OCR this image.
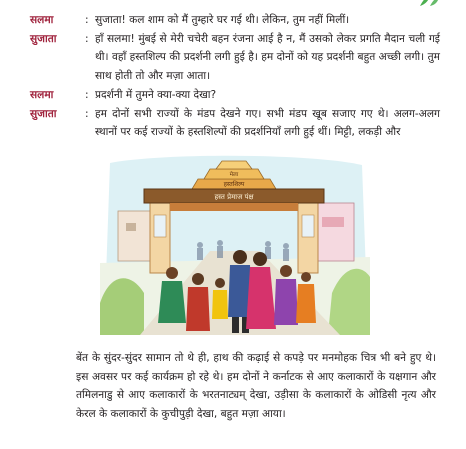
सलमा	: सुजाता! कल शाम को मैं तुम्हारे घर गई थी। लेकिन, तुम नहीं मिलीं।
सुजाता	: हाँ सलमा! मुंबई से मेरी चचेरी बहन रंजना आई है न, मैं उसको लेकर प्रगति मैदान चली गई थी। वहाँ हस्तशिल्प की प्रदर्शनी लगी हुई है। हम दोनों को यह प्रदर्शनी बहुत अच्छी लगी। तुम साथ होती तो और मज़ा आता।
सलमा	: प्रदर्शनी में तुमने क्या-क्या देखा?
सुजाता	: हम दोनों सभी राज्यों के मंडप देखने गए। सभी मंडप खूब सजाए गए थे। अलग-अलग स्थानों पर कई राज्यों के हस्तशिल्पों की प्रदर्शनियाँ लगी हुई थीं। मिट्टी, लकड़ी और
हस्तशिल्प
मेला
हस्त प्रेमाज पंक्ष
बेंत के सुंदर-सुंदर सामान तो थे ही, हाथ की कढ़ाई से कपड़े पर मनमोहक चित्र भी बने हुए थे। इस अवसर पर कई कार्यक्रम हो रहे थे। हम दोनों ने कर्नाटक से आए कलाकारों के यक्षगान और तमिलनाडु से आए कलाकारों के भरतनाट्यम् देखा, उड़ीसा के कलाकारों के ओडिसी नृत्य और केरल के कलाकारों के कुचीपुड़ी देखा, बहुत मज़ा आया।
